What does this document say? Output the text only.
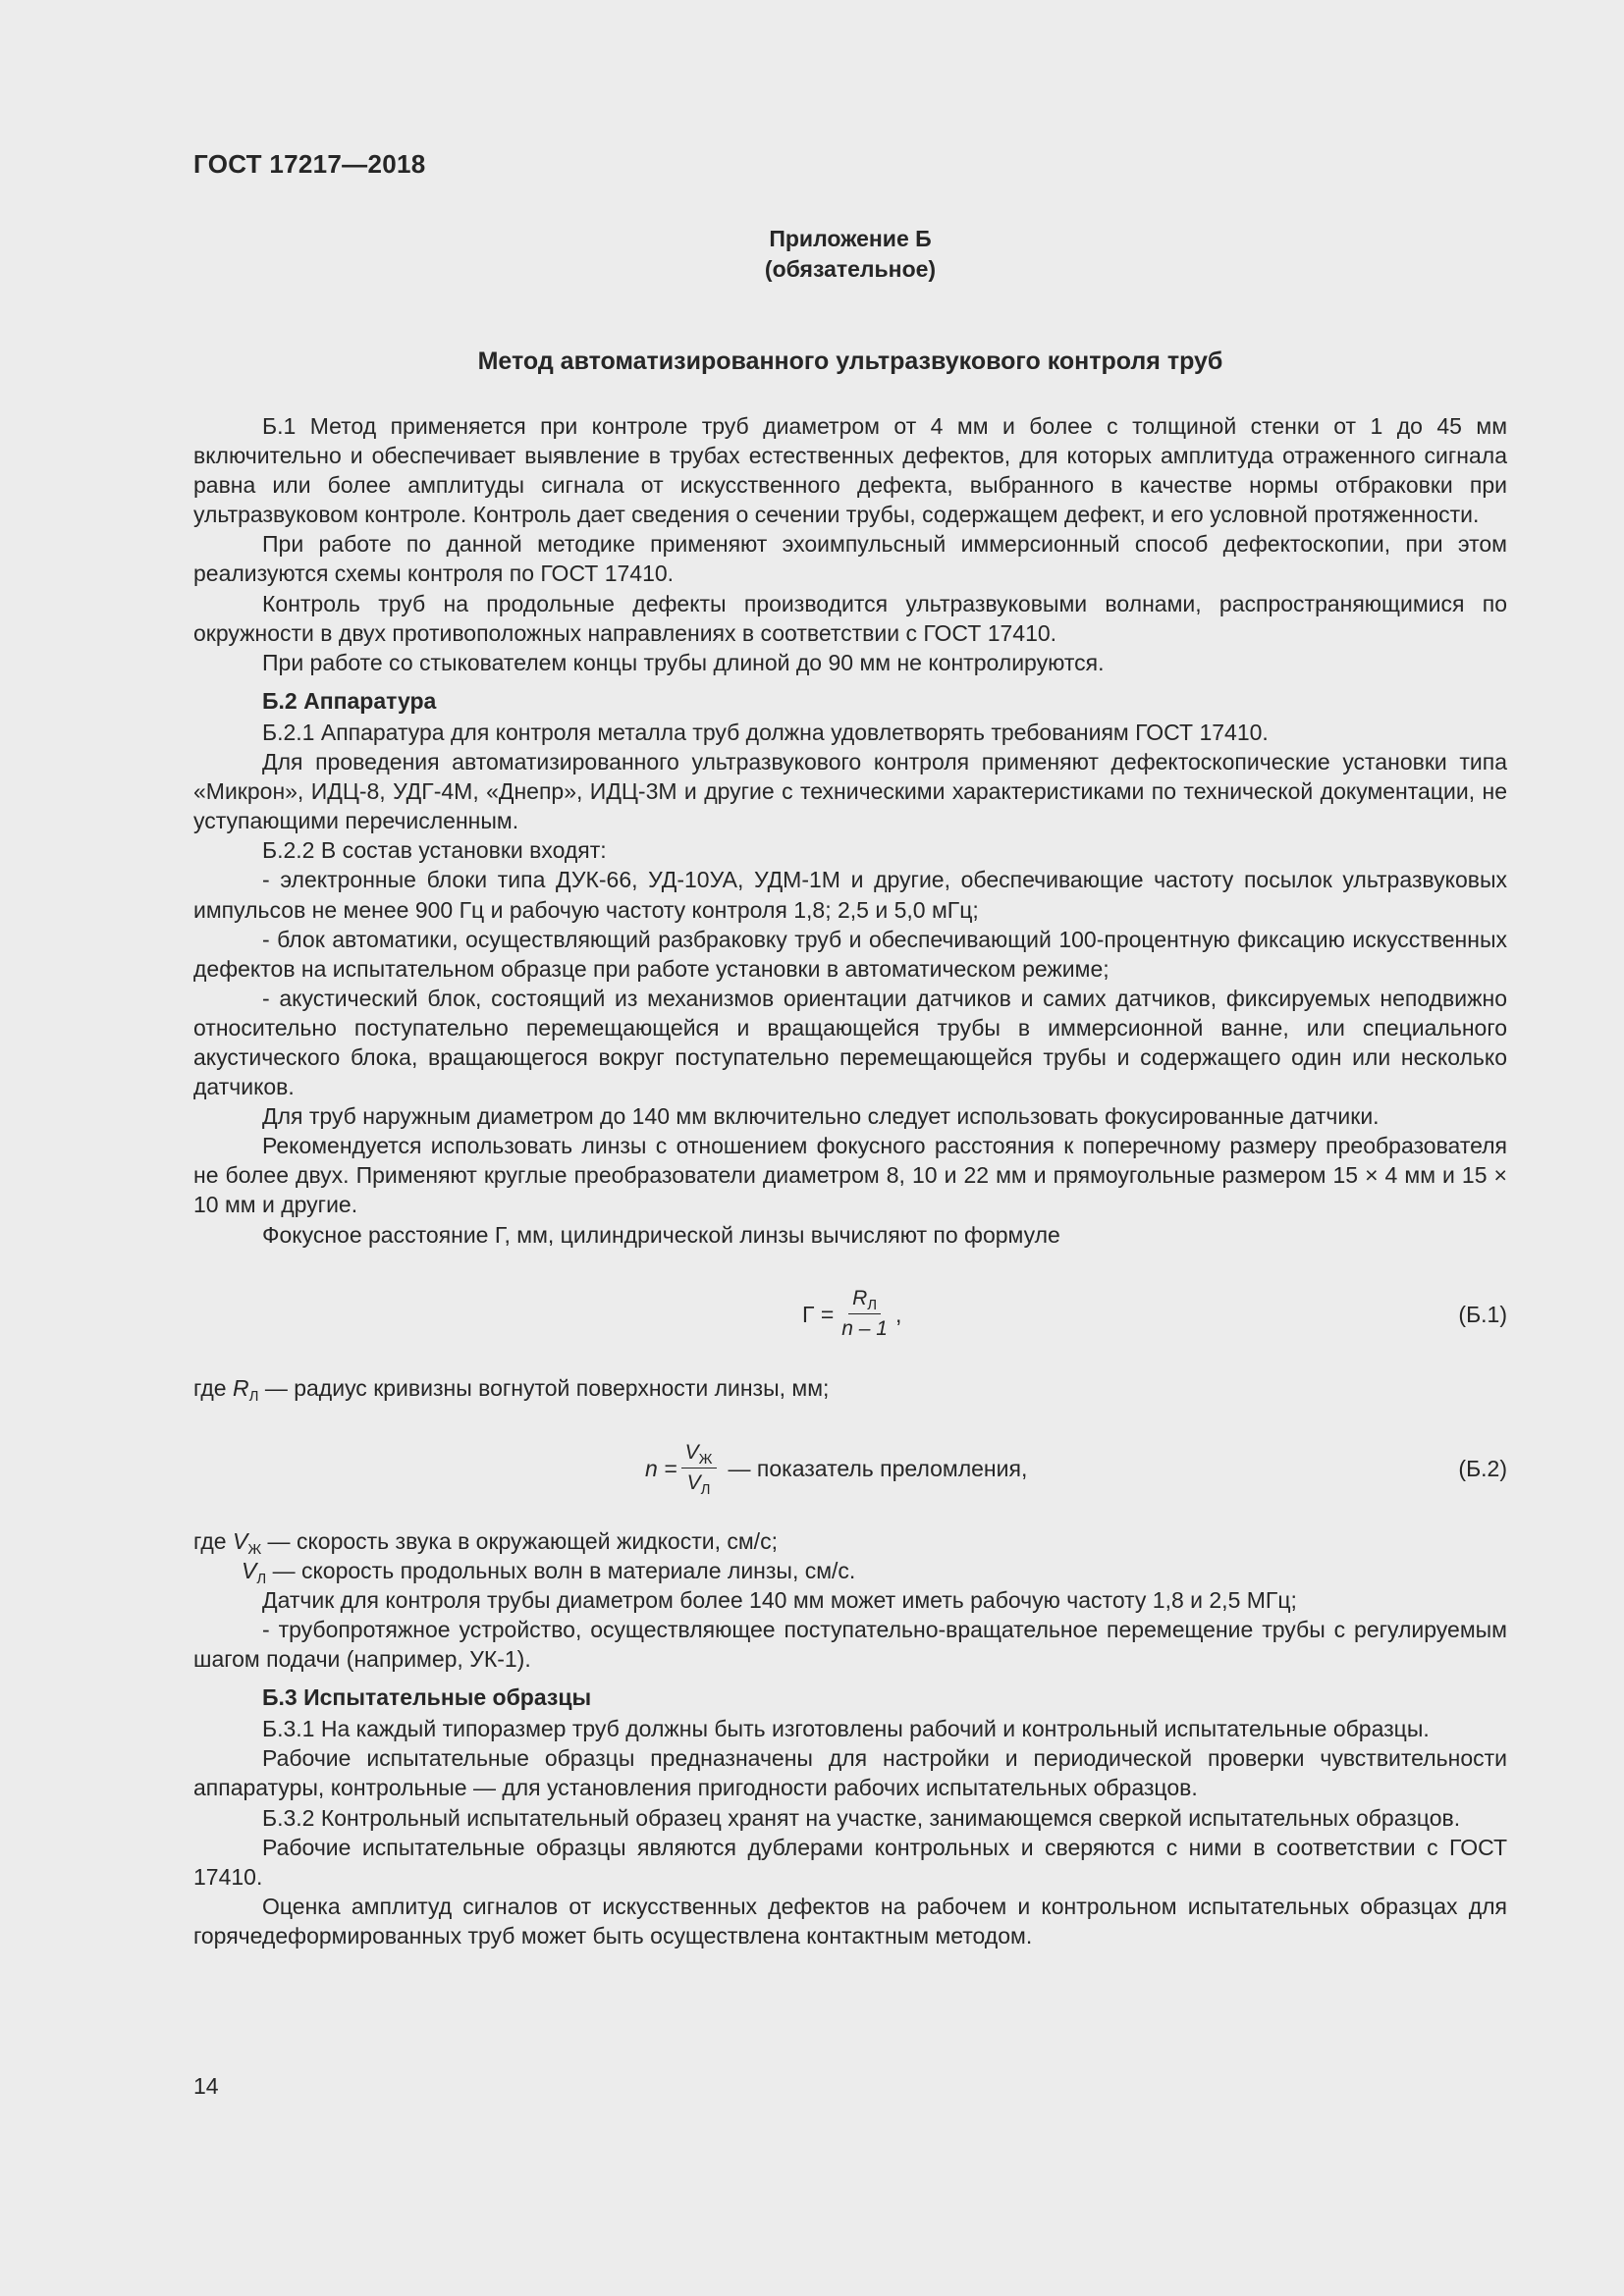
ГОСТ 17217—2018
Приложение Б
(обязательное)
Метод автоматизированного ультразвукового контроля труб

Б.1 Метод применяется при контроле труб диаметром от 4 мм и более с толщиной стенки от 1 до 45 мм включительно и обеспечивает выявление в трубах естественных дефектов, для которых амплитуда отраженного сигнала равна или более амплитуды сигнала от искусственного дефекта, выбранного в качестве нормы отбраковки при ультразвуковом контроле. Контроль дает сведения о сечении трубы, содержащем дефект, и его условной протяженности.

При работе по данной методике применяют эхоимпульсный иммерсионный способ дефектоскопии, при этом реализуются схемы контроля по ГОСТ 17410.

Контроль труб на продольные дефекты производится ультразвуковыми волнами, распространяющимися по окружности в двух противоположных направлениях в соответствии с ГОСТ 17410.

При работе со стыкователем концы трубы длиной до 90 мм не контролируются.

Б.2 Аппаратура

Б.2.1 Аппаратура для контроля металла труб должна удовлетворять требованиям ГОСТ 17410.

Для проведения автоматизированного ультразвукового контроля применяют дефектоскопические установки типа «Микрон», ИДЦ-8, УДГ-4М, «Днепр», ИДЦ-3М и другие с техническими характеристиками по технической документации, не уступающими перечисленным.

Б.2.2 В состав установки входят:

- электронные блоки типа ДУК-66, УД-10УА, УДМ-1М и другие, обеспечивающие частоту посылок ультразвуковых импульсов не менее 900 Гц и рабочую частоту контроля 1,8; 2,5 и 5,0 мГц;

- блок автоматики, осуществляющий разбраковку труб и обеспечивающий 100-процентную фиксацию искусственных дефектов на испытательном образце при работе установки в автоматическом режиме;

- акустический блок, состоящий из механизмов ориентации датчиков и самих датчиков, фиксируемых неподвижно относительно поступательно перемещающейся и вращающейся трубы в иммерсионной ванне, или специального акустического блока, вращающегося вокруг поступательно перемещающейся трубы и содержащего один или несколько датчиков.

Для труб наружным диаметром до 140 мм включительно следует использовать фокусированные датчики.

Рекомендуется использовать линзы с отношением фокусного расстояния к поперечному размеру преобразователя не более двух. Применяют круглые преобразователи диаметром 8, 10 и 22 мм и прямоугольные размером 15 × 4 мм и 15 × 10 мм и другие.

Фокусное расстояние Г, мм, цилиндрической линзы вычисляют по формуле

$Г = \frac{R_Л}{n - 1}$ ,	(Б.1)

где $R_Л$ — радиус кривизны вогнутой поверхности линзы, мм;

$n = \frac{V_Ж}{V_Л}$ — показатель преломления,	(Б.2)

где $V_Ж$ — скорость звука в окружающей жидкости, см/с;

$V_Л$ — скорость продольных волн в материале линзы, см/с.

Датчик для контроля трубы диаметром более 140 мм может иметь рабочую частоту 1,8 и 2,5 МГц;

- трубопротяжное устройство, осуществляющее поступательно-вращательное перемещение трубы с регулируемым шагом подачи (например, УК-1).

Б.3 Испытательные образцы

Б.3.1 На каждый типоразмер труб должны быть изготовлены рабочий и контрольный испытательные образцы.

Рабочие испытательные образцы предназначены для настройки и периодической проверки чувствительности аппаратуры, контрольные — для установления пригодности рабочих испытательных образцов.

Б.3.2 Контрольный испытательный образец хранят на участке, занимающемся сверкой испытательных образцов.

Рабочие испытательные образцы являются дублерами контрольных и сверяются с ними в соответствии с ГОСТ 17410.

Оценка амплитуд сигналов от искусственных дефектов на рабочем и контрольном испытательных образцах для горячедеформированных труб может быть осуществлена контактным методом.

14
